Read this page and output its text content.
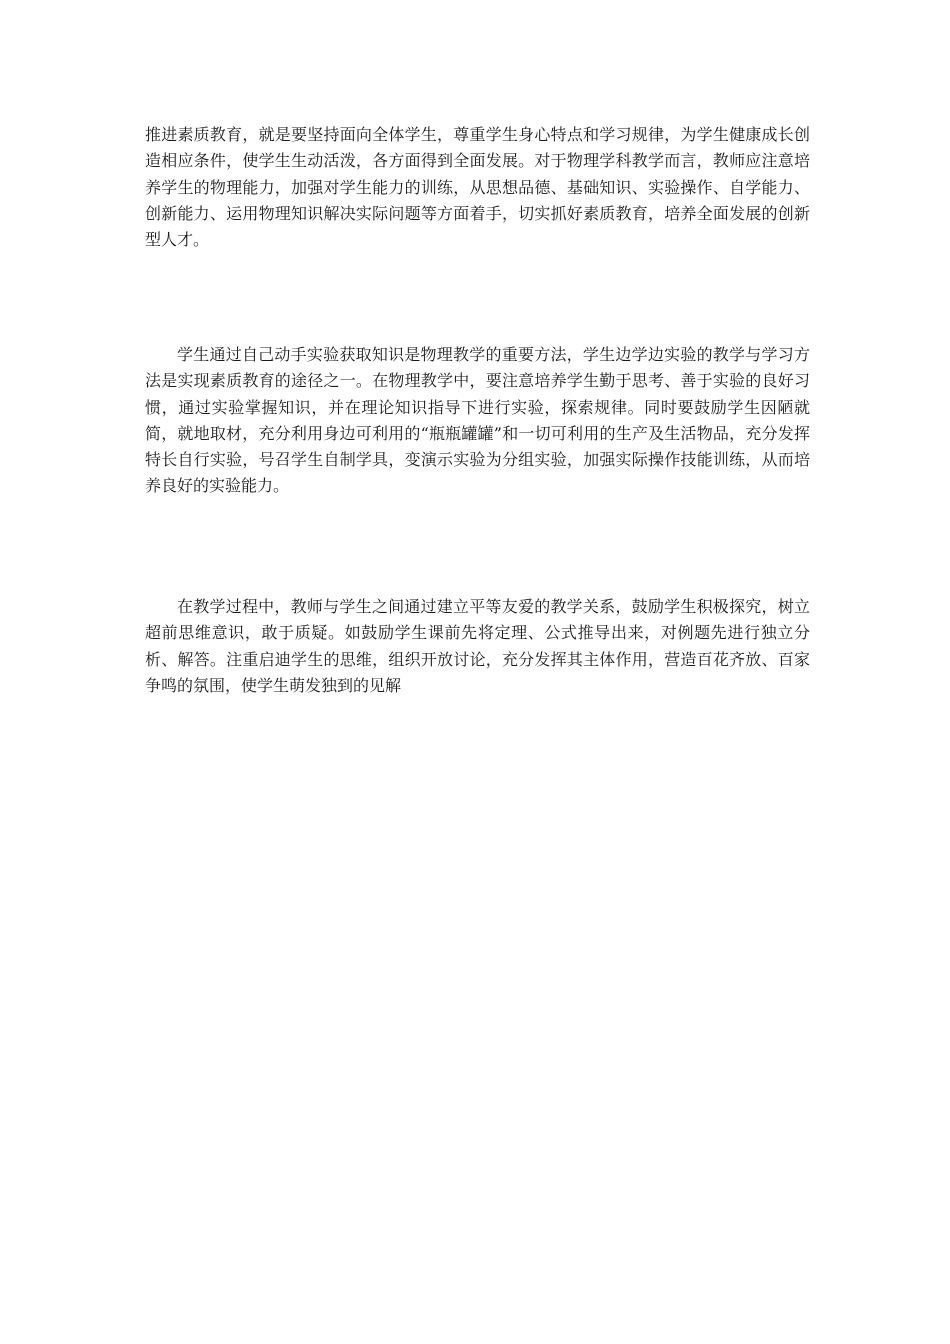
推进素质教育，就是要坚持面向全体学生，尊重学生身心特点和学习规律，为学生健康成长创造相应条件，使学生生动活泼，各方面得到全面发展。对于物理学科教学而言，教师应注意培养学生的物理能力，加强对学生能力的训练，从思想品德、基础知识、实验操作、自学能力、创新能力、运用物理知识解决实际问题等方面着手，切实抓好素质教育，培养全面发展的创新型人才。

学生通过自己动手实验获取知识是物理教学的重要方法，学生边学边实验的教学与学习方法是实现素质教育的途径之一。在物理教学中，要注意培养学生勤于思考、善于实验的良好习惯，通过实验掌握知识，并在理论知识指导下进行实验，探索规律。同时要鼓励学生因陋就简，就地取材，充分利用身边可利用的“瓶瓶罐罐”和一切可利用的生产及生活物品，充分发挥特长自行实验，号召学生自制学具，变演示实验为分组实验，加强实际操作技能训练，从而培养良好的实验能力。

在教学过程中，教师与学生之间通过建立平等友爱的教学关系，鼓励学生积极探究，树立超前思维意识，敢于质疑。如鼓励学生课前先将定理、公式推导出来，对例题先进行独立分析、解答。注重启迪学生的思维，组织开放讨论，充分发挥其主体作用，营造百花齐放、百家争鸣的氛围，使学生萌发独到的见解
